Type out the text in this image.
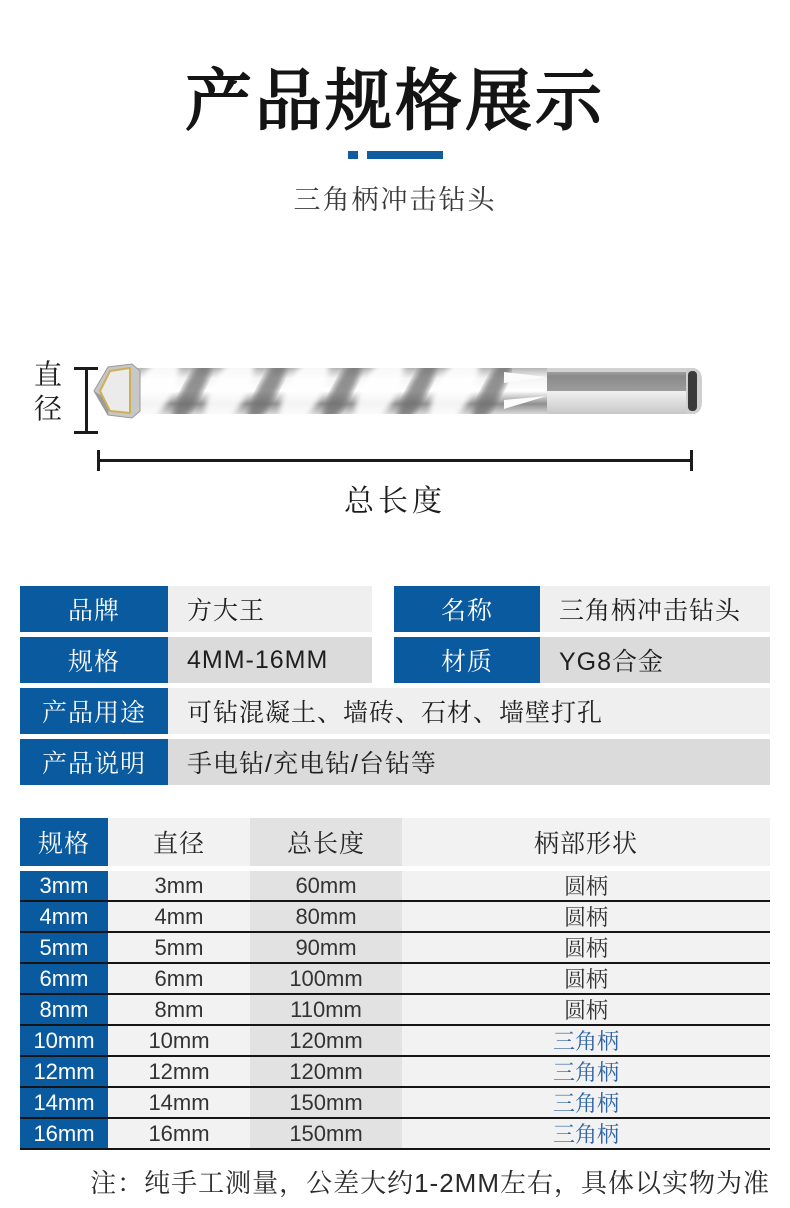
产品规格展示
三角柄冲击钻头
直径
总长度
品牌	方大王	名称	三角柄冲击钻头
规格	4MM-16MM	材质	YG8合金
产品用途	可钻混凝土、墙砖、石材、墙壁打孔
产品说明	手电钻/充电钻/台钻等
规格	直径	总长度	柄部形状
3mm	3mm	60mm	圆柄
4mm	4mm	80mm	圆柄
5mm	5mm	90mm	圆柄
6mm	6mm	100mm	圆柄
8mm	8mm	110mm	圆柄
10mm	10mm	120mm	三角柄
12mm	12mm	120mm	三角柄
14mm	14mm	150mm	三角柄
16mm	16mm	150mm	三角柄
注：纯手工测量，公差大约1-2MM左右，具体以实物为准
